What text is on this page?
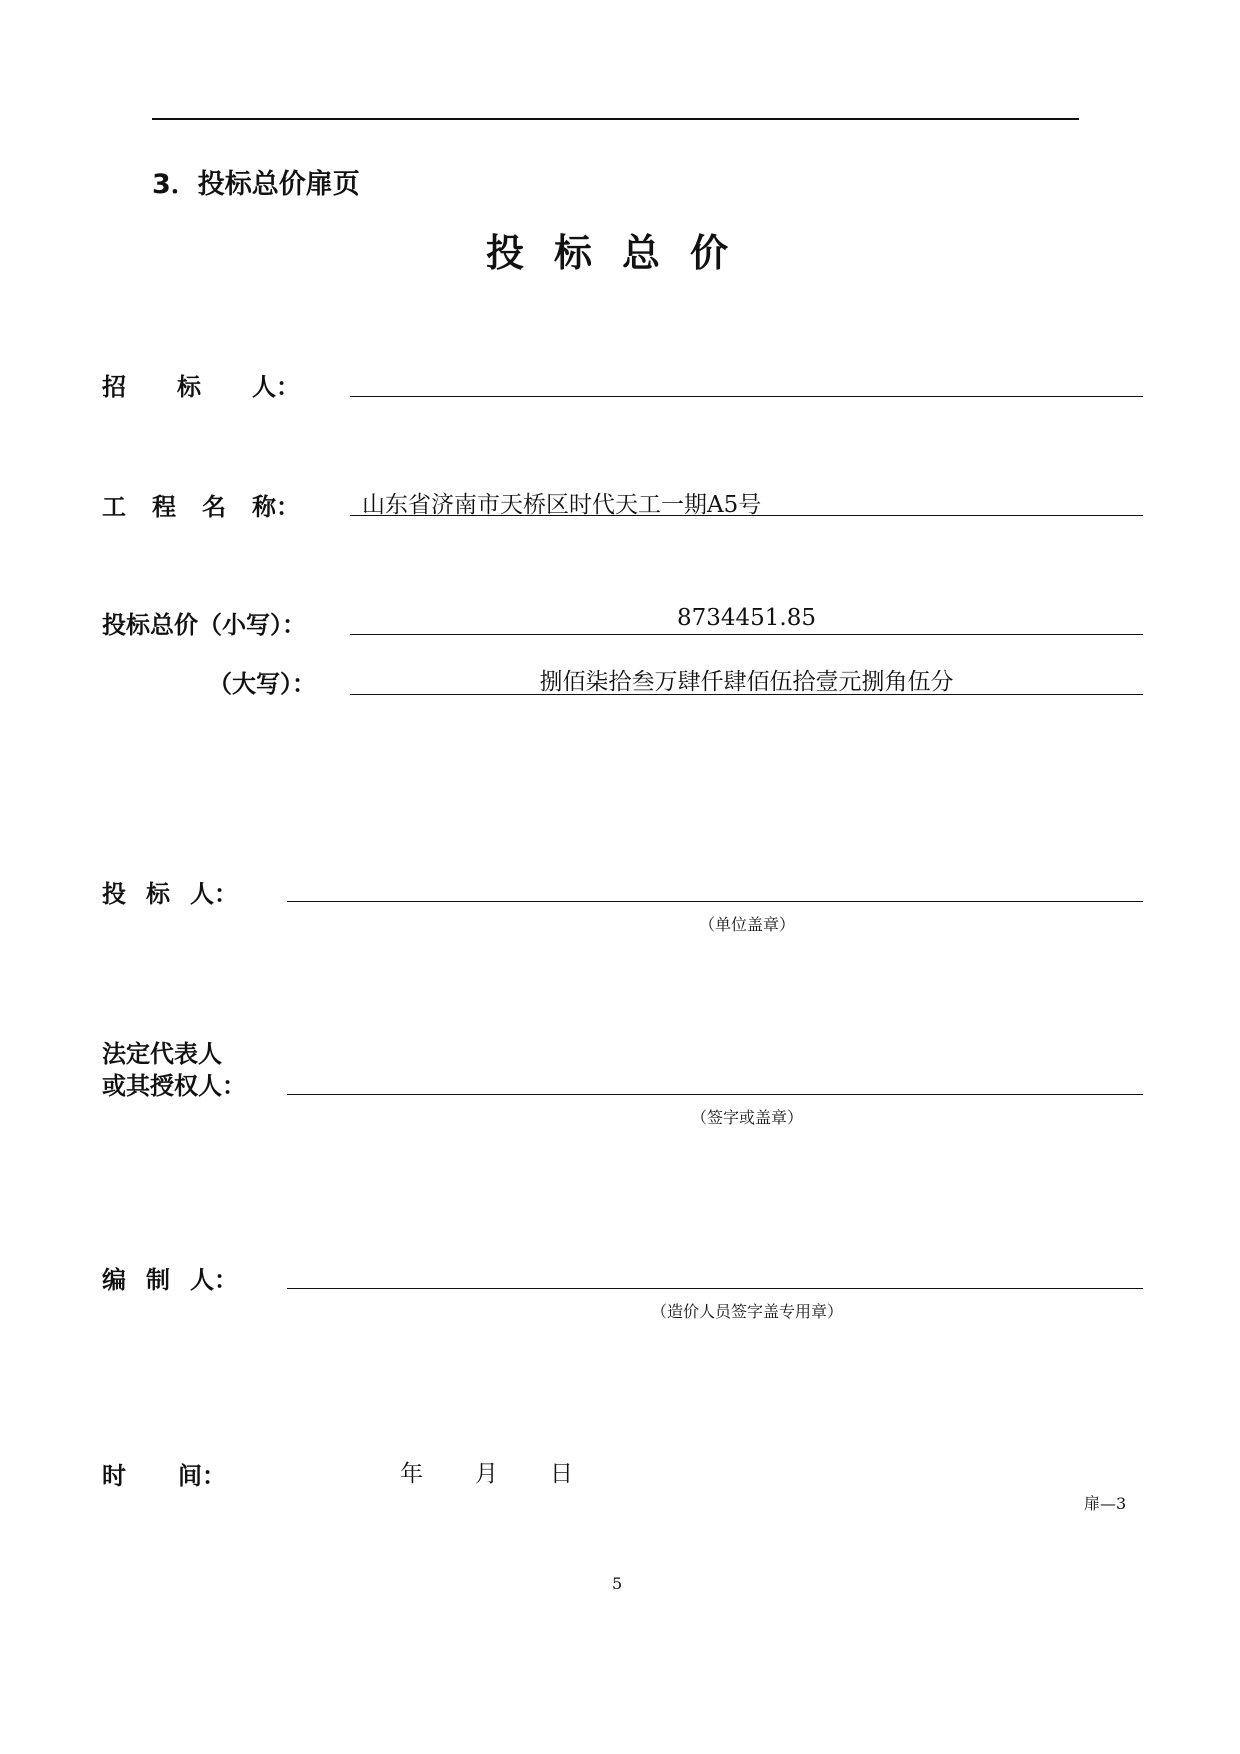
3．投标总价扉页
投标总价
招 标 人：
工 程 名 称：	山东省济南市天桥区时代天工一期A5号
投标总价（小写）：	8734451.85
（大写）：	捌佰柒拾叁万肆仟肆佰伍拾壹元捌角伍分
投 标 人：
（单位盖章）
法定代表人
或其授权人：
（签字或盖章）
编 制 人：
（造价人员签字盖专用章）
时 间：	年 月 日
扉—3
5
